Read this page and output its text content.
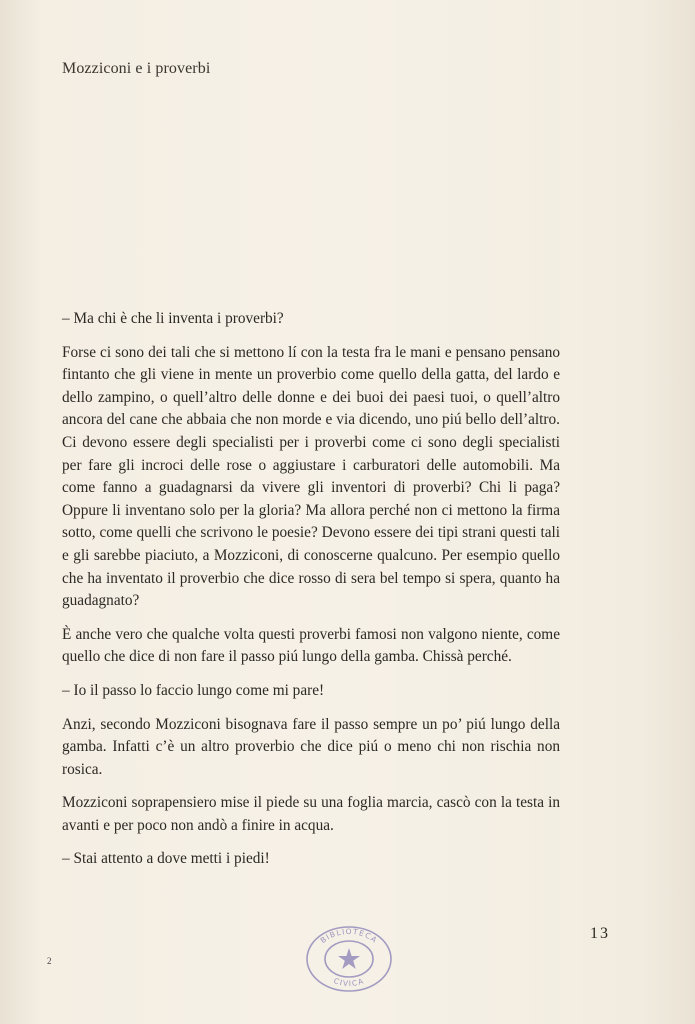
Mozziconi e i proverbi

– Ma chi è che li inventa i proverbi?

Forse ci sono dei tali che si mettono lí con la testa fra le mani e pensano pensano fintanto che gli viene in mente un proverbio come quello della gatta, del lardo e dello zampino, o quell’altro delle donne e dei buoi dei paesi tuoi, o quell’altro ancora del cane che abbaia che non morde e via dicendo, uno piú bello dell’altro. Ci devono essere degli specialisti per i proverbi come ci sono degli specialisti per fare gli incroci delle rose o aggiustare i carburatori delle automobili. Ma come fanno a guadagnarsi da vivere gli inventori di proverbi? Chi li paga? Oppure li inventano solo per la gloria? Ma allora perché non ci mettono la firma sotto, come quelli che scrivono le poesie? Devono essere dei tipi strani questi tali e gli sarebbe piaciuto, a Mozziconi, di conoscerne qualcuno. Per esempio quello che ha inventato il proverbio che dice rosso di sera bel tempo si spera, quanto ha guadagnato?

È anche vero che qualche volta questi proverbi famosi non valgono niente, come quello che dice di non fare il passo piú lungo della gamba. Chissà perché.

– Io il passo lo faccio lungo come mi pare!

Anzi, secondo Mozziconi bisognava fare il passo sempre un po’ piú lungo della gamba. Infatti c’è un altro proverbio che dice piú o meno chi non rischia non rosica.

Mozziconi soprapensiero mise il piede su una foglia marcia, cascò con la testa in avanti e per poco non andò a finire in acqua.

– Stai attento a dove metti i piedi!

13
2
BIBLIOTECA
CIVICA
